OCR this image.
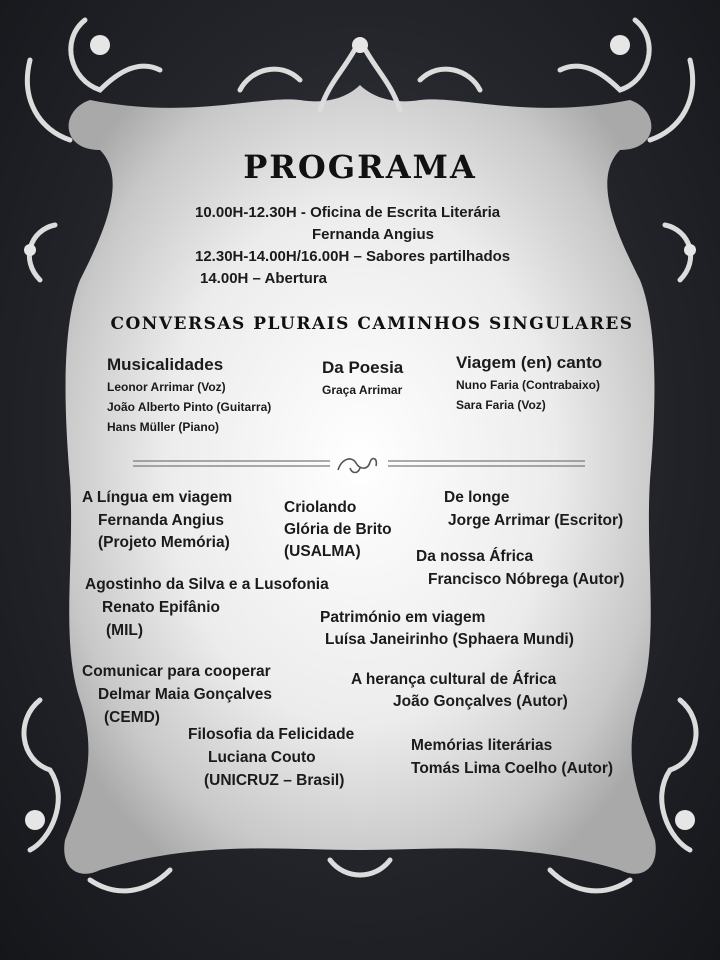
PROGRAMA
10.00H-12.30H - Oficina de Escrita Literária
Fernanda Angius
12.30H-14.00H/16.00H – Sabores partilhados
14.00H – Abertura
CONVERSAS PLURAIS CAMINHOS SINGULARES
Musicalidades
Leonor Arrimar (Voz)
João Alberto Pinto (Guitarra)
Hans Müller (Piano)
Da Poesia
Graça Arrimar
Viagem (en) canto
Nuno Faria (Contrabaixo)
Sara Faria (Voz)
A Língua em viagem
Fernanda Angius
(Projeto Memória)
Criolando
Glória de Brito
(USALMA)
De longe
Jorge Arrimar (Escritor)
Da nossa África
Francisco Nóbrega (Autor)
Agostinho da Silva e a Lusofonia
Renato Epifânio
(MIL)
Património em viagem
Luísa Janeirinho (Sphaera Mundi)
Comunicar para cooperar
Delmar Maia Gonçalves
(CEMD)
A herança cultural de África
João Gonçalves (Autor)
Filosofia da Felicidade
Luciana Couto
(UNICRUZ – Brasil)
Memórias literárias
Tomás Lima Coelho (Autor)
